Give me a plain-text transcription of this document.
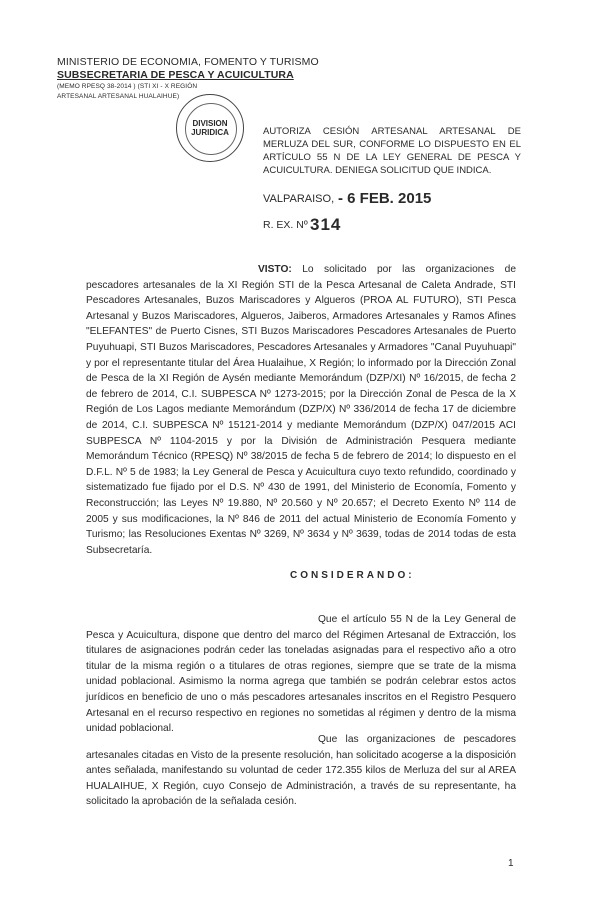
MINISTERIO DE ECONOMIA, FOMENTO Y TURISMO
SUBSECRETARIA DE PESCA Y ACUICULTURA
(MEMO RPESQ 38-2014 ) (STI XI - X REGIÓN
ARTESANAL ARTESANAL HUALAIHUE)
DIVISION
JURIDICA	AUTORIZA CESIÓN ARTESANAL ARTESANAL DE MERLUZA DEL SUR, CONFORME LO DISPUESTO EN EL ARTÍCULO 55 N DE LA LEY GENERAL DE PESCA Y ACUICULTURA. DENIEGA SOLICITUD QUE INDICA.
VALPARAISO, - 6 FEB. 2015
R. EX. Nº 314
VISTO: Lo solicitado por las organizaciones de pescadores artesanales de la XI Región STI de la Pesca Artesanal de Caleta Andrade, STI Pescadores Artesanales, Buzos Mariscadores y Algueros (PROA AL FUTURO), STI Pesca Artesanal y Buzos Mariscadores, Algueros, Jaiberos, Armadores Artesanales y Ramos Afines "ELEFANTES" de Puerto Cisnes, STI Buzos Mariscadores Pescadores Artesanales de Puerto Puyuhuapi, STI Buzos Mariscadores, Pescadores Artesanales y Armadores "Canal Puyuhuapi" y por el representante titular del Área Hualaihue, X Región; lo informado por la Dirección Zonal de Pesca de la XI Región de Aysén mediante Memorándum (DZP/XI) Nº 16/2015, de fecha 2 de febrero de 2014, C.I. SUBPESCA Nº 1273-2015; por la Dirección Zonal de Pesca de la X Región de Los Lagos mediante Memorándum (DZP/X) Nº 336/2014 de fecha 17 de diciembre de 2014, C.I. SUBPESCA Nº 15121-2014 y mediante Memorándum (DZP/X) 047/2015 ACI SUBPESCA Nº 1104-2015 y por la División de Administración Pesquera mediante Memorándum Técnico (RPESQ) Nº 38/2015 de fecha 5 de febrero de 2014; lo dispuesto en el D.F.L. Nº 5 de 1983; la Ley General de Pesca y Acuicultura cuyo texto refundido, coordinado y sistematizado fue fijado por el D.S. Nº 430 de 1991, del Ministerio de Economía, Fomento y Reconstrucción; las Leyes Nº 19.880, Nº 20.560 y Nº 20.657; el Decreto Exento Nº 114 de 2005 y sus modificaciones, la Nº 846 de 2011 del actual Ministerio de Economía Fomento y Turismo; las Resoluciones Exentas Nº 3269, Nº 3634 y Nº 3639, todas de 2014 todas de esta Subsecretaría.
CONSIDERANDO:
Que el artículo 55 N de la Ley General de Pesca y Acuicultura, dispone que dentro del marco del Régimen Artesanal de Extracción, los titulares de asignaciones podrán ceder las toneladas asignadas para el respectivo año a otro titular de la misma región o a titulares de otras regiones, siempre que se trate de la misma unidad poblacional. Asimismo la norma agrega que también se podrán celebrar estos actos jurídicos en beneficio de uno o más pescadores artesanales inscritos en el Registro Pesquero Artesanal en el recurso respectivo en regiones no sometidas al régimen y dentro de la misma unidad poblacional.
Que las organizaciones de pescadores artesanales citadas en Visto de la presente resolución, han solicitado acogerse a la disposición antes señalada, manifestando su voluntad de ceder 172.355 kilos de Merluza del sur al AREA HUALAIHUE, X Región, cuyo Consejo de Administración, a través de su representante, ha solicitado la aprobación de la señalada cesión.
1
